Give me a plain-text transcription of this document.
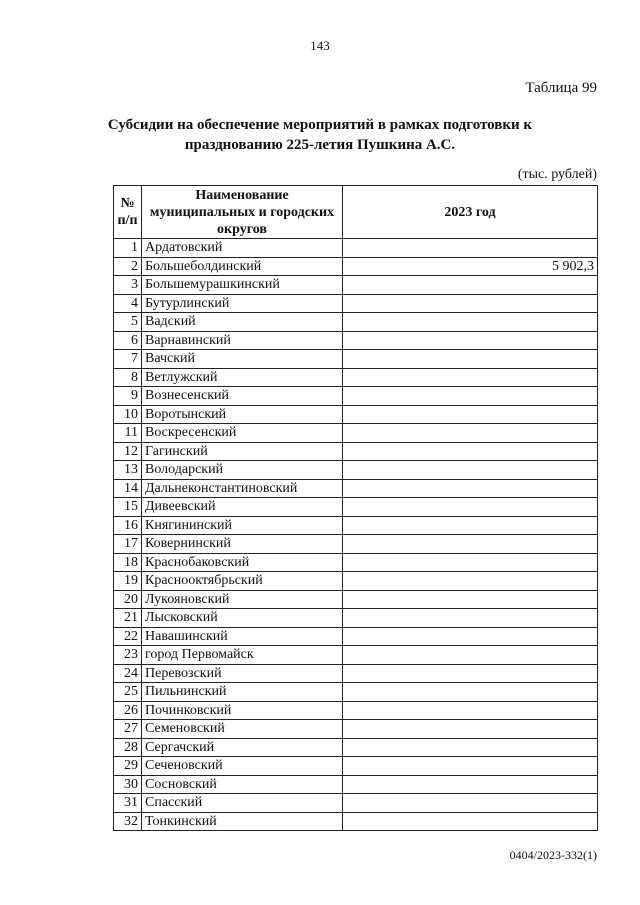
143
Таблица 99
Субсидии на обеспечение мероприятий в рамках подготовки к
празднованию 225-летия Пушкина А.С.
(тыс. рублей)
№ п/п	Наименование муниципальных и городских округов	2023 год
1	Ардатовский	
2	Большеболдинский	5 902,3
3	Большемурашкинский	
4	Бутурлинский	
5	Вадский	
6	Варнавинский	
7	Вачский	
8	Ветлужский	
9	Вознесенский	
10	Воротынский	
11	Воскресенский	
12	Гагинский	
13	Володарский	
14	Дальнеконстантиновский	
15	Дивеевский	
16	Княгининский	
17	Ковернинский	
18	Краснобаковский	
19	Краснооктябрьский	
20	Лукояновский	
21	Лысковский	
22	Навашинский	
23	город Первомайск	
24	Перевозский	
25	Пильнинский	
26	Починковский	
27	Семеновский	
28	Сергачский	
29	Сеченовский	
30	Сосновский	
31	Спасский	
32	Тонкинский	
0404/2023-332(1)
